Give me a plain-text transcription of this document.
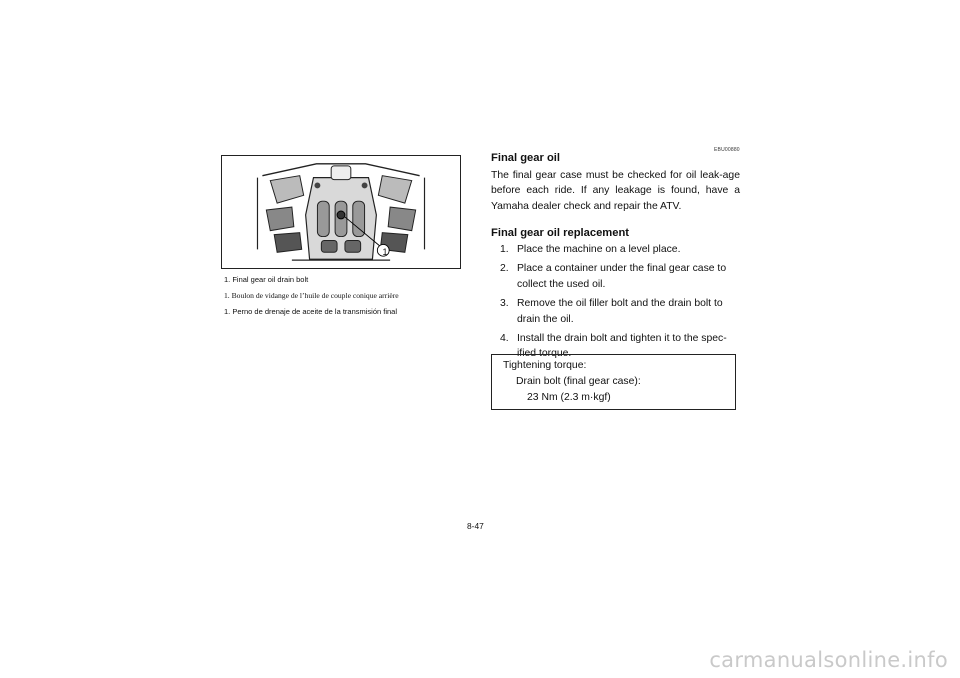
1
1. Final gear oil drain bolt
1. Boulon de vidange de l’huile de couple conique arrière
1. Perno de drenaje de aceite de la transmisión final
EBU00880
Final gear oil
The final gear case must be checked for oil leak-age before each ride. If any leakage is found, have a Yamaha dealer check and repair the ATV.
Final gear oil replacement
1. Place the machine on a level place.
2. Place a container under the final gear case to collect the used oil.
3. Remove the oil filler bolt and the drain bolt to drain the oil.
4. Install the drain bolt and tighten it to the spec-ified torque.
Tightening torque:
Drain bolt (final gear case):
23 Nm (2.3 m·kgf)
8-47
carmanualsonline.info
